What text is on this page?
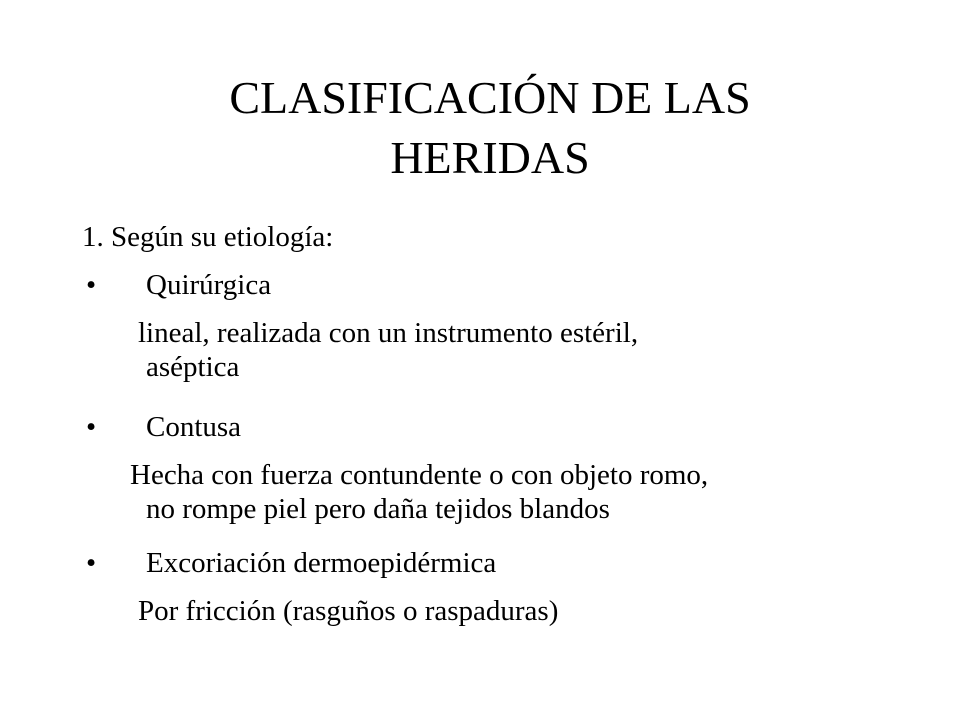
CLASIFICACIÓN DE LAS
HERIDAS
1. Según su etiología:
• Quirúrgica
lineal, realizada con un instrumento estéril,
aséptica
• Contusa
Hecha con fuerza contundente o con objeto romo,
no rompe piel pero daña tejidos blandos
• Excoriación dermoepidérmica
Por fricción (rasguños o raspaduras)
